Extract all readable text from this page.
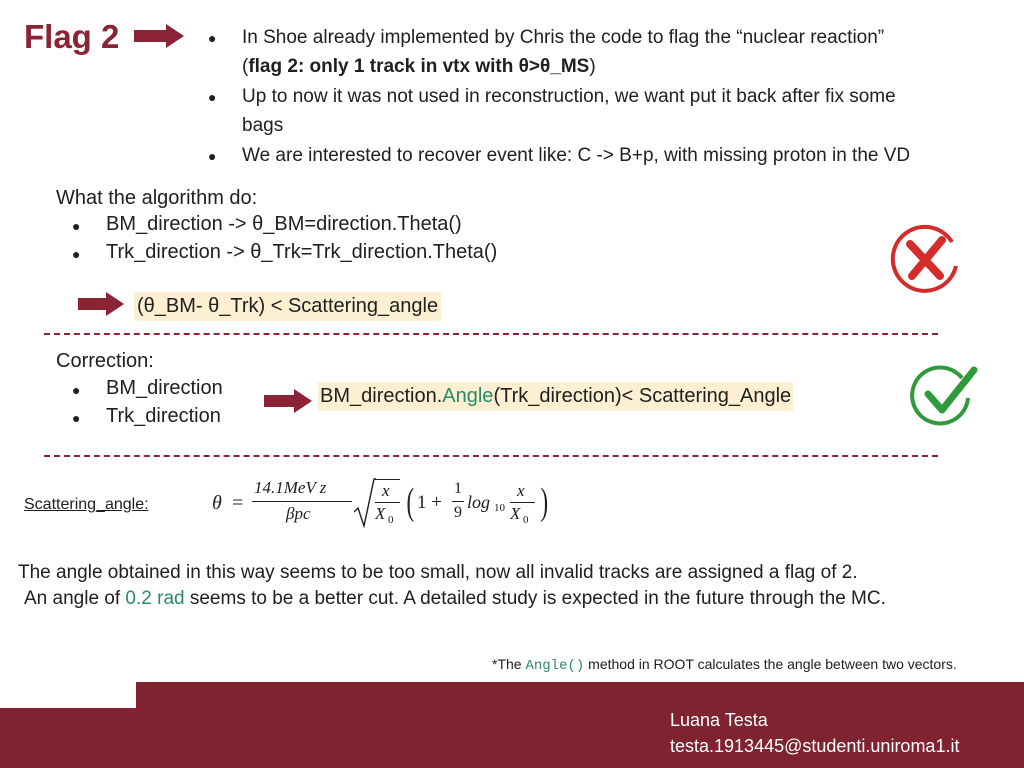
Flag 2	● In Shoe already implemented by Chris the code to flag the “nuclear reaction”
(flag 2: only 1 track in vtx with θ>θ_MS)
● Up to now it was not used in reconstruction, we want put it back after fix some
bags
● We are interested to recover event like: C -> B+p, with missing proton in the VD
What the algorithm do:
● BM_direction -> θ_BM=direction.Theta()
● Trk_direction -> θ_Trk=Trk_direction.Theta()
(θ_BM- θ_Trk) < Scattering_angle
Correction:
● BM_direction
● Trk_direction
BM_direction.Angle(Trk_direction)< Scattering_Angle
Scattering_angle:	θ =
14.1MeV z
βpc
x
X 0 ( 1 +
1
9
log 10
x
X 0 )
The angle obtained in this way seems to be too small, now all invalid tracks are assigned a flag of 2.
An angle of 0.2 rad seems to be a better cut. A detailed study is expected in the future through the MC.
*The Angle() method in ROOT calculates the angle between two vectors.
Luana Testa
testa.1913445@studenti.uniroma1.it
